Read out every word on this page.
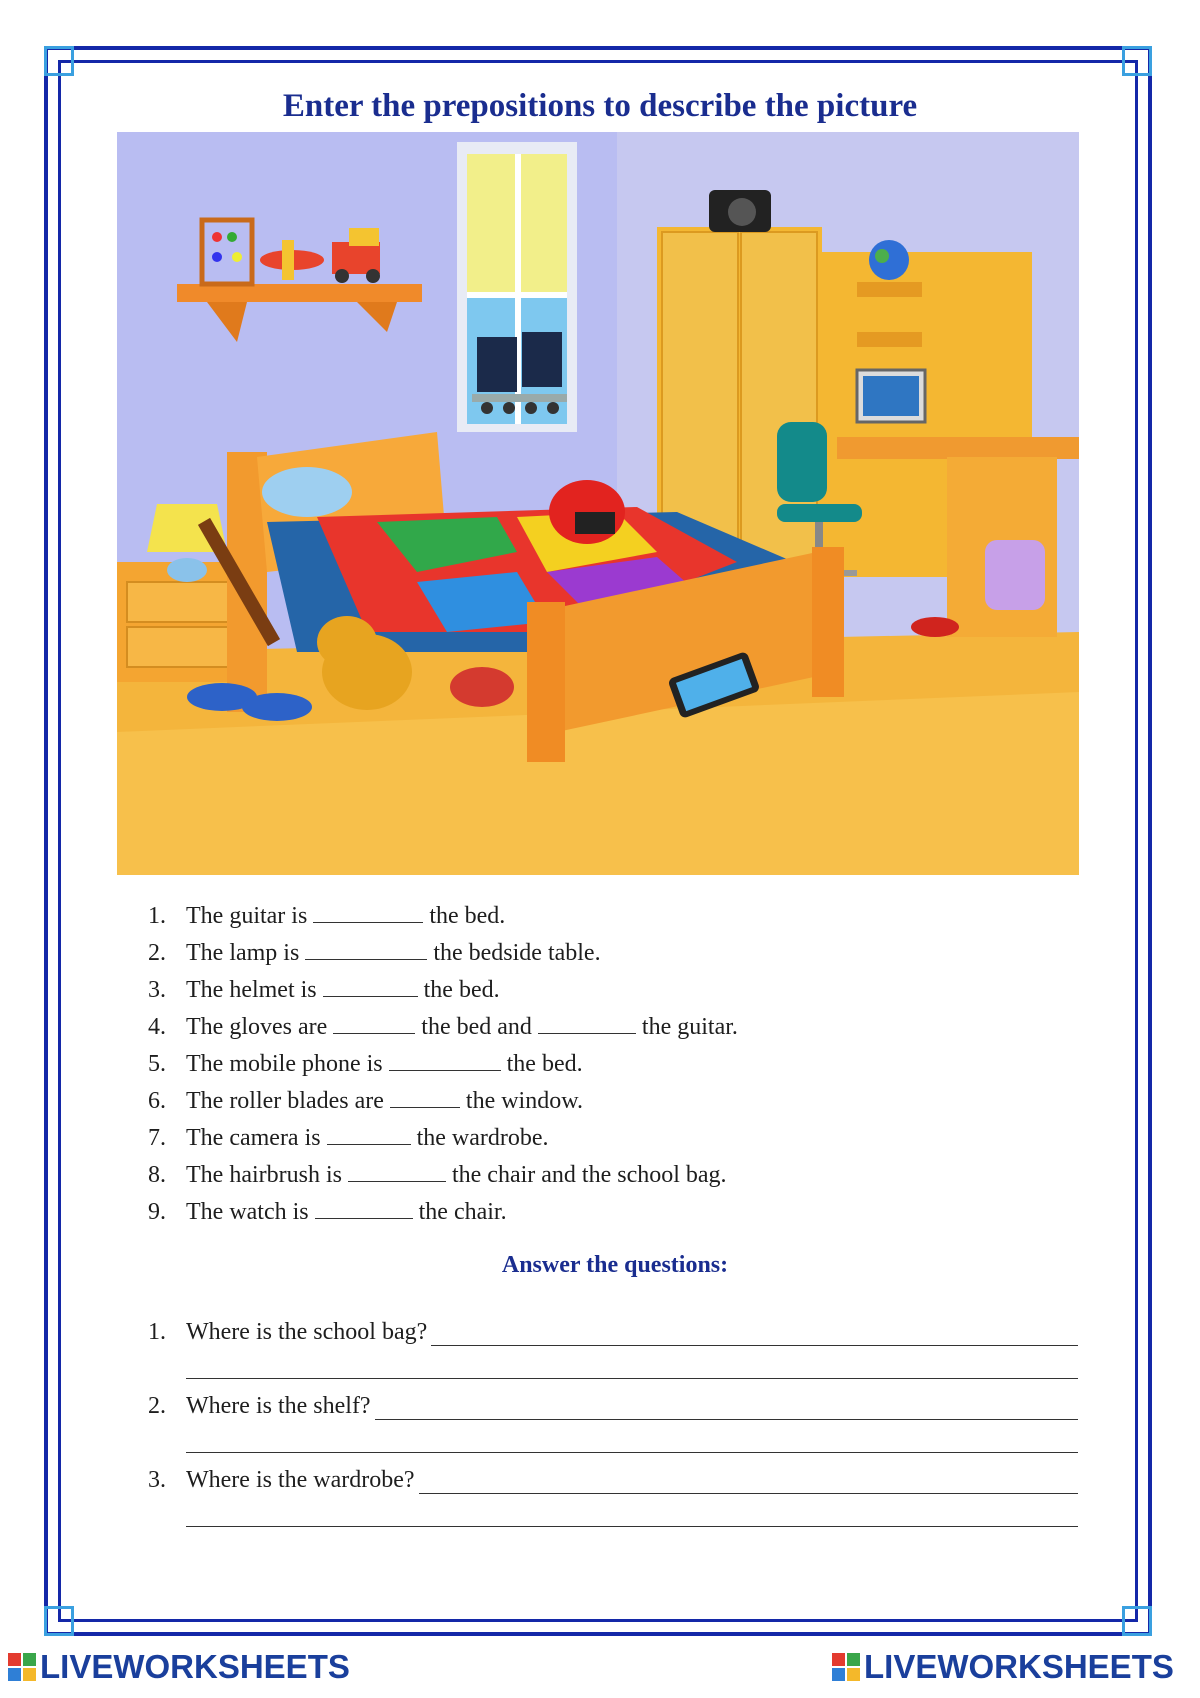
Enter the prepositions to describe the picture
1. The guitar is	the bed.
2. The lamp is	the bedside table.
3. The helmet is	the bed.
4. The gloves are	the bed and	the guitar.
5. The mobile phone is	the bed.
6. The roller blades are	the window.
7. The camera is	the wardrobe.
8. The hairbrush is	the chair and the school bag.
9. The watch is	the chair.
Answer the questions:
1. Where is the school bag?
2. Where is the shelf?
3. Where is the wardrobe?
LIVEWORKSHEETS	LIVEWORKSHEETS
